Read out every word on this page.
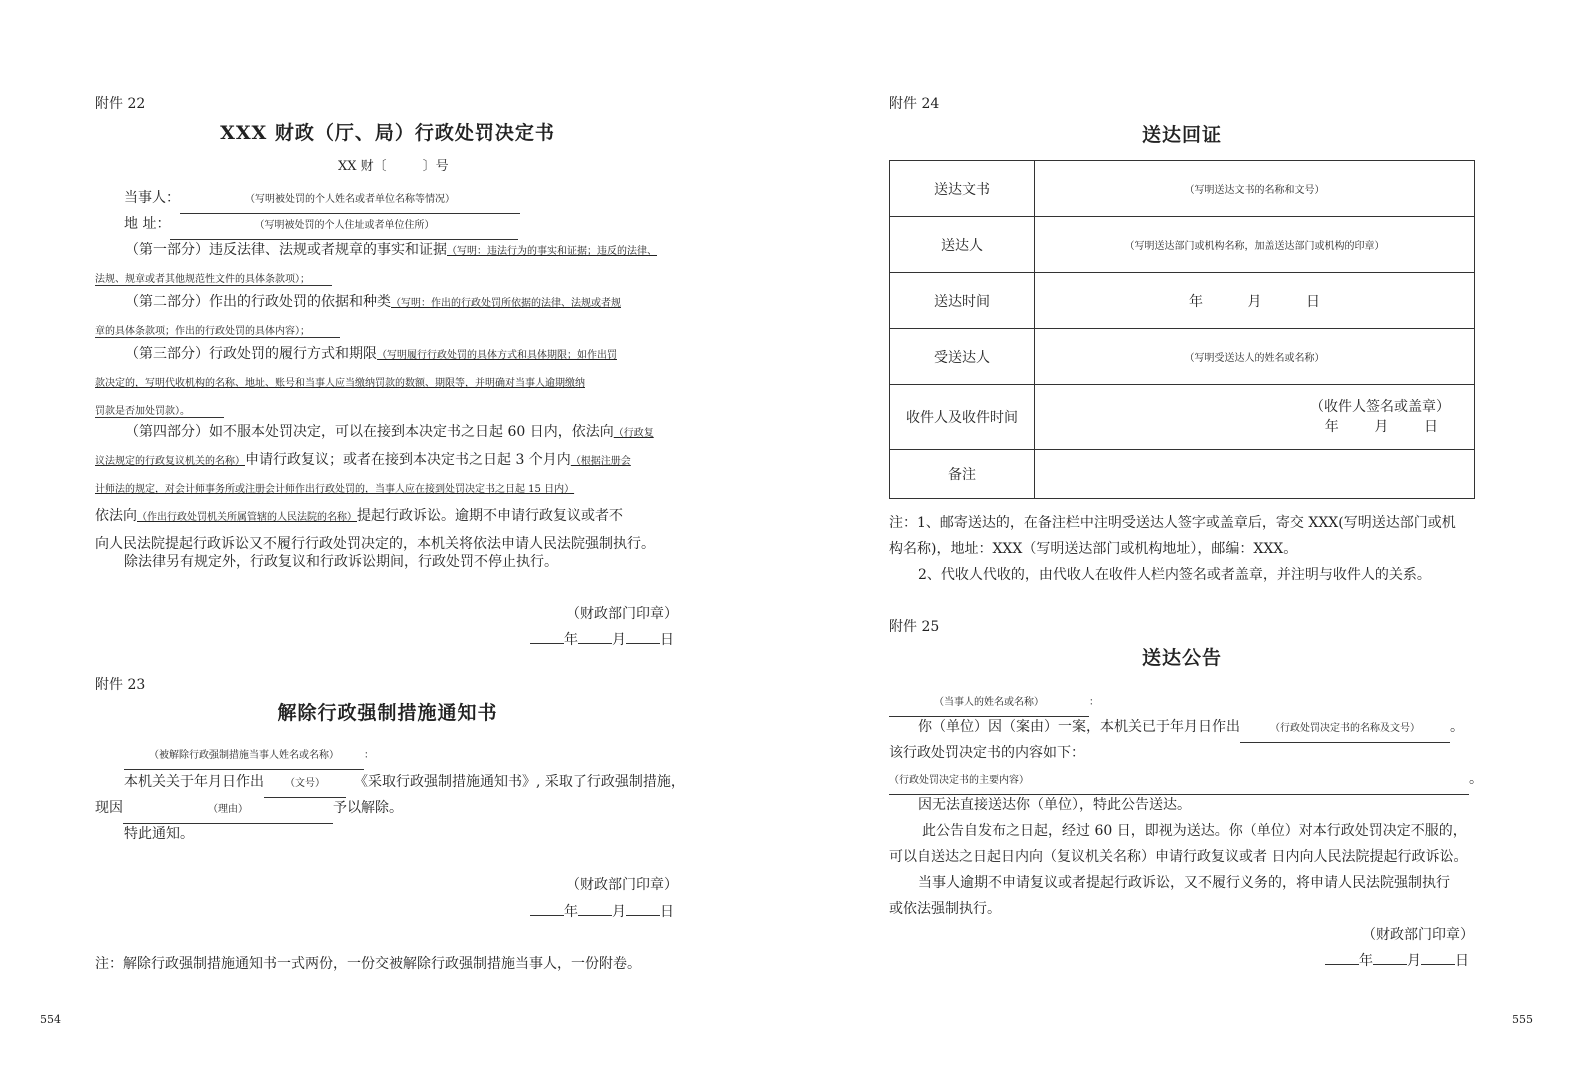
附件 22
XXX 财政（厅、局）行政处罚决定书
XX 财〔	〕号
当事人：	（写明被处罚的个人姓名或者单位名称等情况）
地 址：	（写明被处罚的个人住址或者单位住所）
（第一部分）违反法律、法规或者规章的事实和证据（写明：违法行为的事实和证据；违反的法律、
法规、规章或者其他规范性文件的具体条款项）；
（第二部分）作出的行政处罚的依据和种类（写明：作出的行政处罚所依据的法律、法规或者规
章的具体条款项；作出的行政处罚的具体内容）；
（第三部分）行政处罚的履行方式和期限（写明履行行政处罚的具体方式和具体期限；如作出罚
款决定的，写明代收机构的名称、地址、账号和当事人应当缴纳罚款的数额、期限等，并明确对当事人逾期缴纳
罚款是否加处罚款）。
（第四部分）如不服本处罚决定，可以在接到本决定书之日起 60 日内，依法向（行政复
议法规定的行政复议机关的名称）申请行政复议；或者在接到本决定书之日起 3 个月内（根据注册会
计师法的规定，对会计师事务所或注册会计师作出行政处罚的，当事人应在接到处罚决定书之日起 15 日内）
依法向（作出行政处罚机关所属管辖的人民法院的名称）提起行政诉讼。逾期不申请行政复议或者不
向人民法院提起行政诉讼又不履行行政处罚决定的，本机关将依法申请人民法院强制执行。
除法律另有规定外，行政复议和行政诉讼期间，行政处罚不停止执行。
（财政部门印章）
年 月 日
附件 23
解除行政强制措施通知书
（被解除行政强制措施当事人姓名或名称）	：
本机关关于年月日作出 （文号） 《采取行政强制措施通知书》, 采取了行政强制措施，
现因	（理由）	予以解除。
特此通知。
（财政部门印章）
年 月 日
注：解除行政强制措施通知书一式两份，一份交被解除行政强制措施当事人，一份附卷。
554
附件 24
送达回证
送达文书	（写明送达文书的名称和文号）
送达人	（写明送达部门或机构名称，加盖送达部门或机构的印章）
送达时间	年          月          日
受送达人	（写明受送达人的姓名或名称）
收件人及收件时间	（收件人签名或盖章）
年        月        日

备注	
注：1、邮寄送达的，在备注栏中注明受送达人签字或盖章后，寄交 XXX(写明送达部门或机
构名称)，地址：XXX（写明送达部门或机构地址），邮编：XXX。
2、代收人代收的，由代收人在收件人栏内签名或者盖章，并注明与收件人的关系。
附件 25
送达公告
（当事人的姓名或名称）	：
你（单位）因（案由）一案，本机关已于年月日作出	（行政处罚决定书的名称及文号） 。
该行政处罚决定书的内容如下：
（行政处罚决定书的主要内容）	。
因无法直接送达你（单位），特此公告送达。
此公告自发布之日起，经过 60 日，即视为送达。你（单位）对本行政处罚决定不服的，
可以自送达之日起日内向（复议机关名称）申请行政复议或者 日内向人民法院提起行政诉讼。
当事人逾期不申请复议或者提起行政诉讼，又不履行义务的，将申请人民法院强制执行
或依法强制执行。
（财政部门印章）
年 月 日
555
